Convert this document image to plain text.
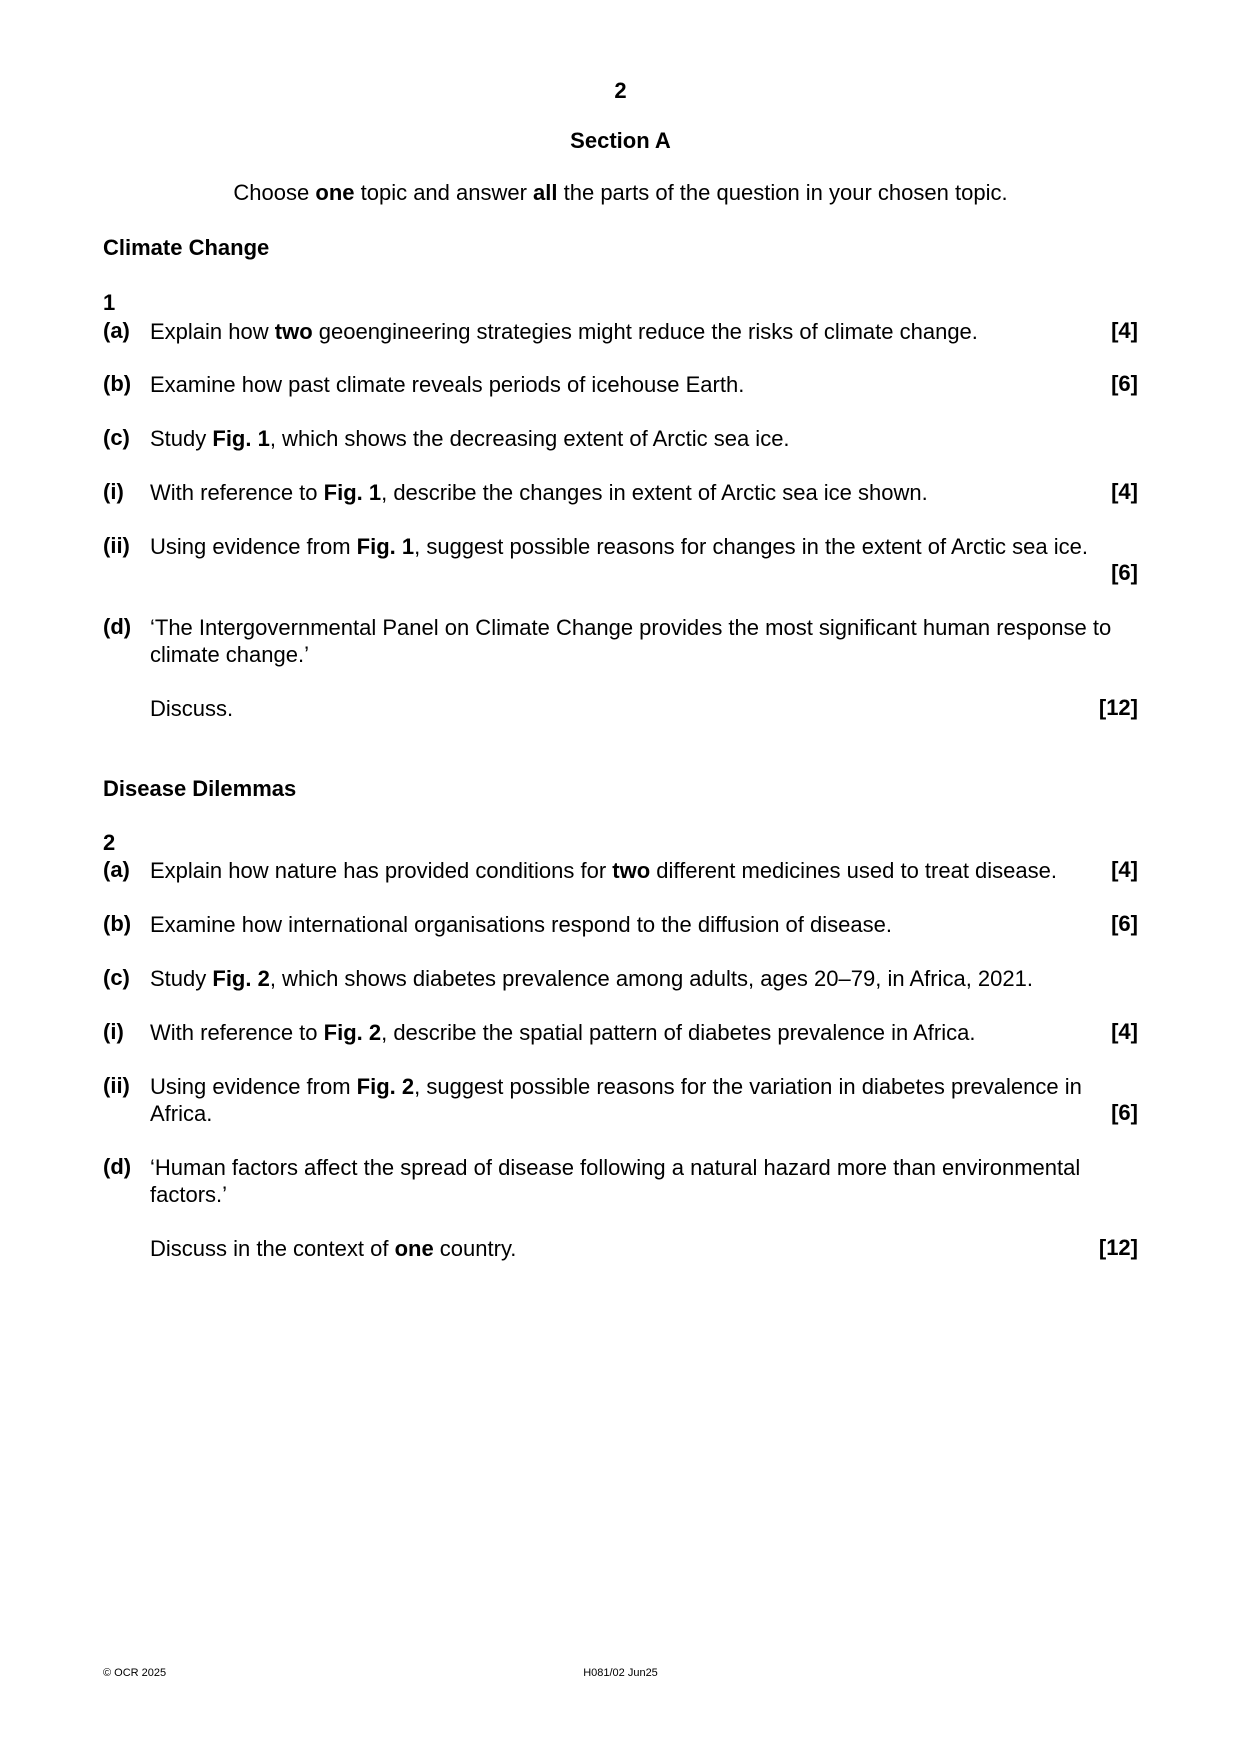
2
Section A
Choose one topic and answer all the parts of the question in your chosen topic.
Climate Change
1
(a) Explain how two geoengineering strategies might reduce the risks of climate change.	[4]
(b) Examine how past climate reveals periods of icehouse Earth.	[6]
(c) Study Fig. 1, which shows the decreasing extent of Arctic sea ice.
(i)	With reference to Fig. 1, describe the changes in extent of Arctic sea ice shown.	[4]
(ii) Using evidence from Fig. 1, suggest possible reasons for changes in the extent of Arctic sea ice.
[6]
(d) ‘The Intergovernmental Panel on Climate Change provides the most significant human response to climate change.’
Discuss.	[12]
Disease Dilemmas
2
(a) Explain how nature has provided conditions for two different medicines used to treat disease.	[4]
(b) Examine how international organisations respond to the diffusion of disease.	[6]
(c) Study Fig. 2, which shows diabetes prevalence among adults, ages 20–79, in Africa, 2021.
(i)	With reference to Fig. 2, describe the spatial pattern of diabetes prevalence in Africa.	[4]
(ii) Using evidence from Fig. 2, suggest possible reasons for the variation in diabetes prevalence in Africa.	[6]
(d) ‘Human factors affect the spread of disease following a natural hazard more than environmental factors.’
Discuss in the context of one country.	[12]
© OCR 2025	H081/02 Jun25
